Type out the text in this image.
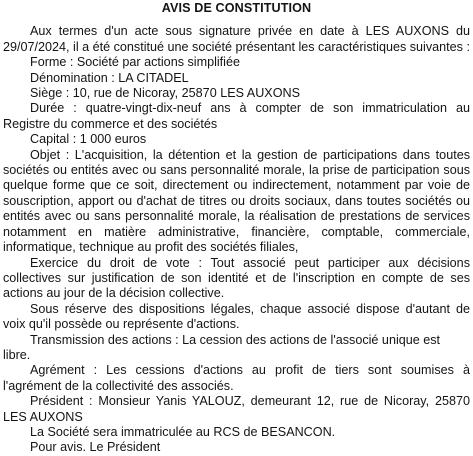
AVIS DE CONSTITUTION

Aux termes d'un acte sous signature privée en date à LES AUXONS du 29/07/2024, il a été constitué une société présentant les caractéristiques suivantes :

Forme : Société par actions simplifiée

Dénomination : LA CITADEL

Siège : 10, rue de Nicoray, 25870 LES AUXONS

Durée : quatre-vingt-dix-neuf ans à compter de son immatriculation au Registre du commerce et des sociétés

Capital : 1 000 euros

Objet : L'acquisition, la détention et la gestion de participations dans toutes sociétés ou entités avec ou sans personnalité morale, la prise de participation sous quelque forme que ce soit, directement ou indirectement, notamment par voie de souscription, apport ou d'achat de titres ou droits sociaux, dans toutes sociétés ou entités avec ou sans personnalité morale, la réalisation de prestations de services notamment en matière administrative, financière, comptable, commerciale, informatique, technique au profit des sociétés filiales,

Exercice du droit de vote : Tout associé peut participer aux décisions collectives sur justification de son identité et de l'inscription en compte de ses actions au jour de la décision collective.

Sous réserve des dispositions légales, chaque associé dispose d'autant de voix qu'il possède ou représente d'actions.

Transmission des actions : La cession des actions de l'associé unique est libre.

Agrément : Les cessions d'actions au profit de tiers sont soumises à l'agrément de la collectivité des associés.

Président : Monsieur Yanis YALOUZ, demeurant 12, rue de Nicoray, 25870 LES AUXONS

La Société sera immatriculée au RCS de BESANCON.

Pour avis. Le Président
